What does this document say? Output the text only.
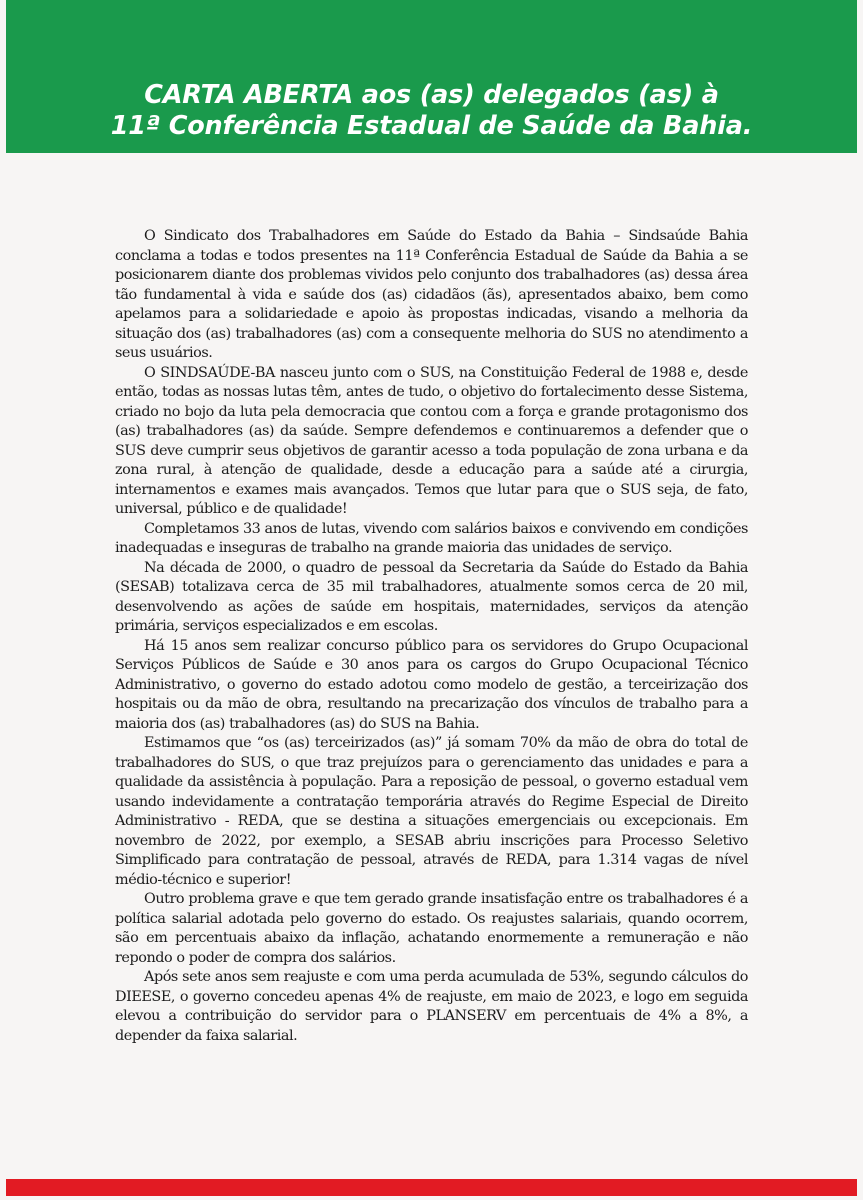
CARTA ABERTA aos (as) delegados (as) à
11ª Conferência Estadual de Saúde da Bahia.

O Sindicato dos Trabalhadores em Saúde do Estado da Bahia – Sindsaúde Bahia conclama a todas e todos presentes na 11ª Conferência Estadual de Saúde da Bahia a se posicionarem diante dos problemas vividos pelo conjunto dos trabalhadores (as) dessa área tão fundamental à vida e saúde dos (as) cidadãos (ãs), apresentados abaixo, bem como apelamos para a solidariedade e apoio às propostas indicadas, visando a melhoria da situação dos (as) trabalhadores (as) com a consequente melhoria do SUS no atendimento a seus usuários.

O SINDSAÚDE-BA nasceu junto com o SUS, na Constituição Federal de 1988 e, desde então, todas as nossas lutas têm, antes de tudo, o objetivo do fortalecimento desse Sistema, criado no bojo da luta pela democracia que contou com a força e grande protagonismo dos (as) trabalhadores (as) da saúde. Sempre defendemos e continuaremos a defender que o SUS deve cumprir seus objetivos de garantir acesso a toda população de zona urbana e da zona rural, à atenção de qualidade, desde a educação para a saúde até a cirurgia, internamentos e exames mais avançados. Temos que lutar para que o SUS seja, de fato, universal, público e de qualidade!

Completamos 33 anos de lutas, vivendo com salários baixos e convivendo em condições inadequadas e inseguras de trabalho na grande maioria das unidades de serviço.

Na década de 2000, o quadro de pessoal da Secretaria da Saúde do Estado da Bahia (SESAB) totalizava cerca de 35 mil trabalhadores, atualmente somos cerca de 20 mil, desenvolvendo as ações de saúde em hospitais, maternidades, serviços da atenção primária, serviços especializados e em escolas.

Há 15 anos sem realizar concurso público para os servidores do Grupo Ocupacional Serviços Públicos de Saúde e 30 anos para os cargos do Grupo Ocupacional Técnico Administrativo, o governo do estado adotou como modelo de gestão, a terceirização dos hospitais ou da mão de obra, resultando na precarização dos vínculos de trabalho para a maioria dos (as) trabalhadores (as) do SUS na Bahia.

Estimamos que “os (as) terceirizados (as)” já somam 70% da mão de obra do total de trabalhadores do SUS, o que traz prejuízos para o gerenciamento das unidades e para a qualidade da assistência à população. Para a reposição de pessoal, o governo estadual vem usando indevidamente a contratação temporária através do Regime Especial de Direito Administrativo - REDA, que se destina a situações emergenciais ou excepcionais. Em novembro de 2022, por exemplo, a SESAB abriu inscrições para Processo Seletivo Simplificado para contratação de pessoal, através de REDA, para 1.314 vagas de nível médio-técnico e superior!

Outro problema grave e que tem gerado grande insatisfação entre os trabalhadores é a política salarial adotada pelo governo do estado. Os reajustes salariais, quando ocorrem, são em percentuais abaixo da inflação, achatando enormemente a remuneração e não repondo o poder de compra dos salários.

Após sete anos sem reajuste e com uma perda acumulada de 53%, segundo cálculos do DIEESE, o governo concedeu apenas 4% de reajuste, em maio de 2023, e logo em seguida elevou a contribuição do servidor para o PLANSERV em percentuais de 4% a 8%, a depender da faixa salarial.
